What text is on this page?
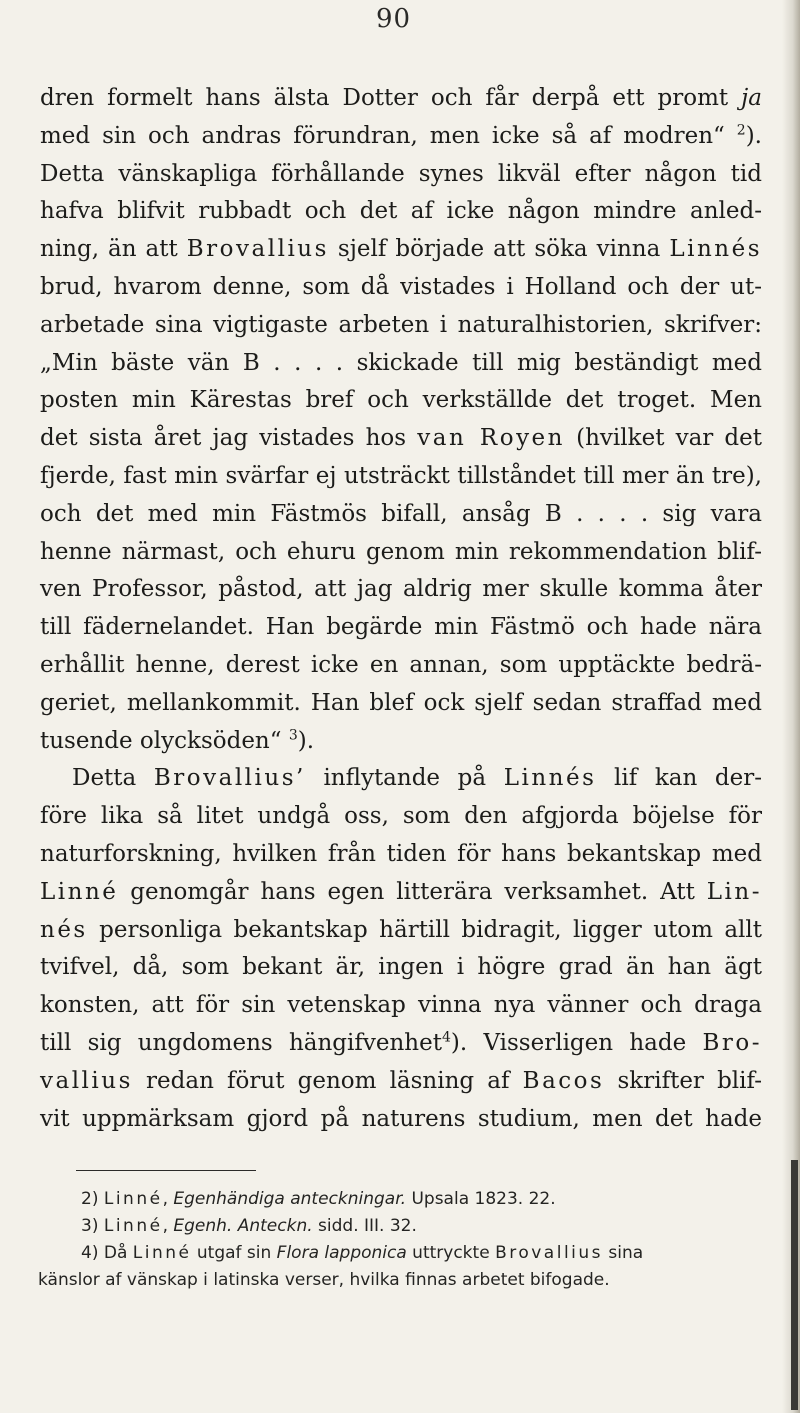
90
dren formelt hans älsta Dotter och får derpå ett promt ja
med sin och andras förundran, men icke så af modren“ $^2$).
Detta vänskapliga förhållande synes likväl efter någon tid
hafva blifvit rubbadt och det af icke någon mindre anled-
ning, än att Brovallius sjelf började att söka vinna Linnés
brud, hvarom denne, som då vistades i Holland och der ut-
arbetade sina vigtigaste arbeten i naturalhistorien, skrifver:
„Min bäste vän B . . . . skickade till mig beständigt med
posten min Kärestas bref och verkställde det troget. Men
det sista året jag vistades hos van Royen (hvilket var det
fjerde, fast min svärfar ej utsträckt tillståndet till mer än tre),
och det med min Fästmös bifall, ansåg B . . . . sig vara
henne närmast, och ehuru genom min rekommendation blif-
ven Professor, påstod, att jag aldrig mer skulle komma åter
till fädernelandet. Han begärde min Fästmö och hade nära
erhållit henne, derest icke en annan, som upptäckte bedrä-
geriet, mellankommit. Han blef ock sjelf sedan straffad med
tusende olycksöden“ $^3$).
Detta Brovallius’ inflytande på Linnés lif kan der-
före lika så litet undgå oss, som den afgjorda böjelse för
naturforskning, hvilken från tiden för hans bekantskap med
Linné genomgår hans egen litterära verksamhet. Att Lin-
nés personliga bekantskap härtill bidragit, ligger utom allt
tvifvel, då, som bekant är, ingen i högre grad än han ägt
konsten, att för sin vetenskap vinna nya vänner och draga
till sig ungdomens hängifvenhet$^4$). Visserligen hade Bro-
vallius redan förut genom läsning af Bacos skrifter blif-
vit uppmärksam gjord på naturens studium, men det hade
2) Linné, Egenhändiga anteckningar. Upsala 1823. 22.
3) Linné, Egenh. Anteckn. sidd. III. 32.
4) Då Linné utgaf sin Flora lapponica uttryckte Brovallius sina
känslor af vänskap i latinska verser, hvilka finnas arbetet bifogade.
